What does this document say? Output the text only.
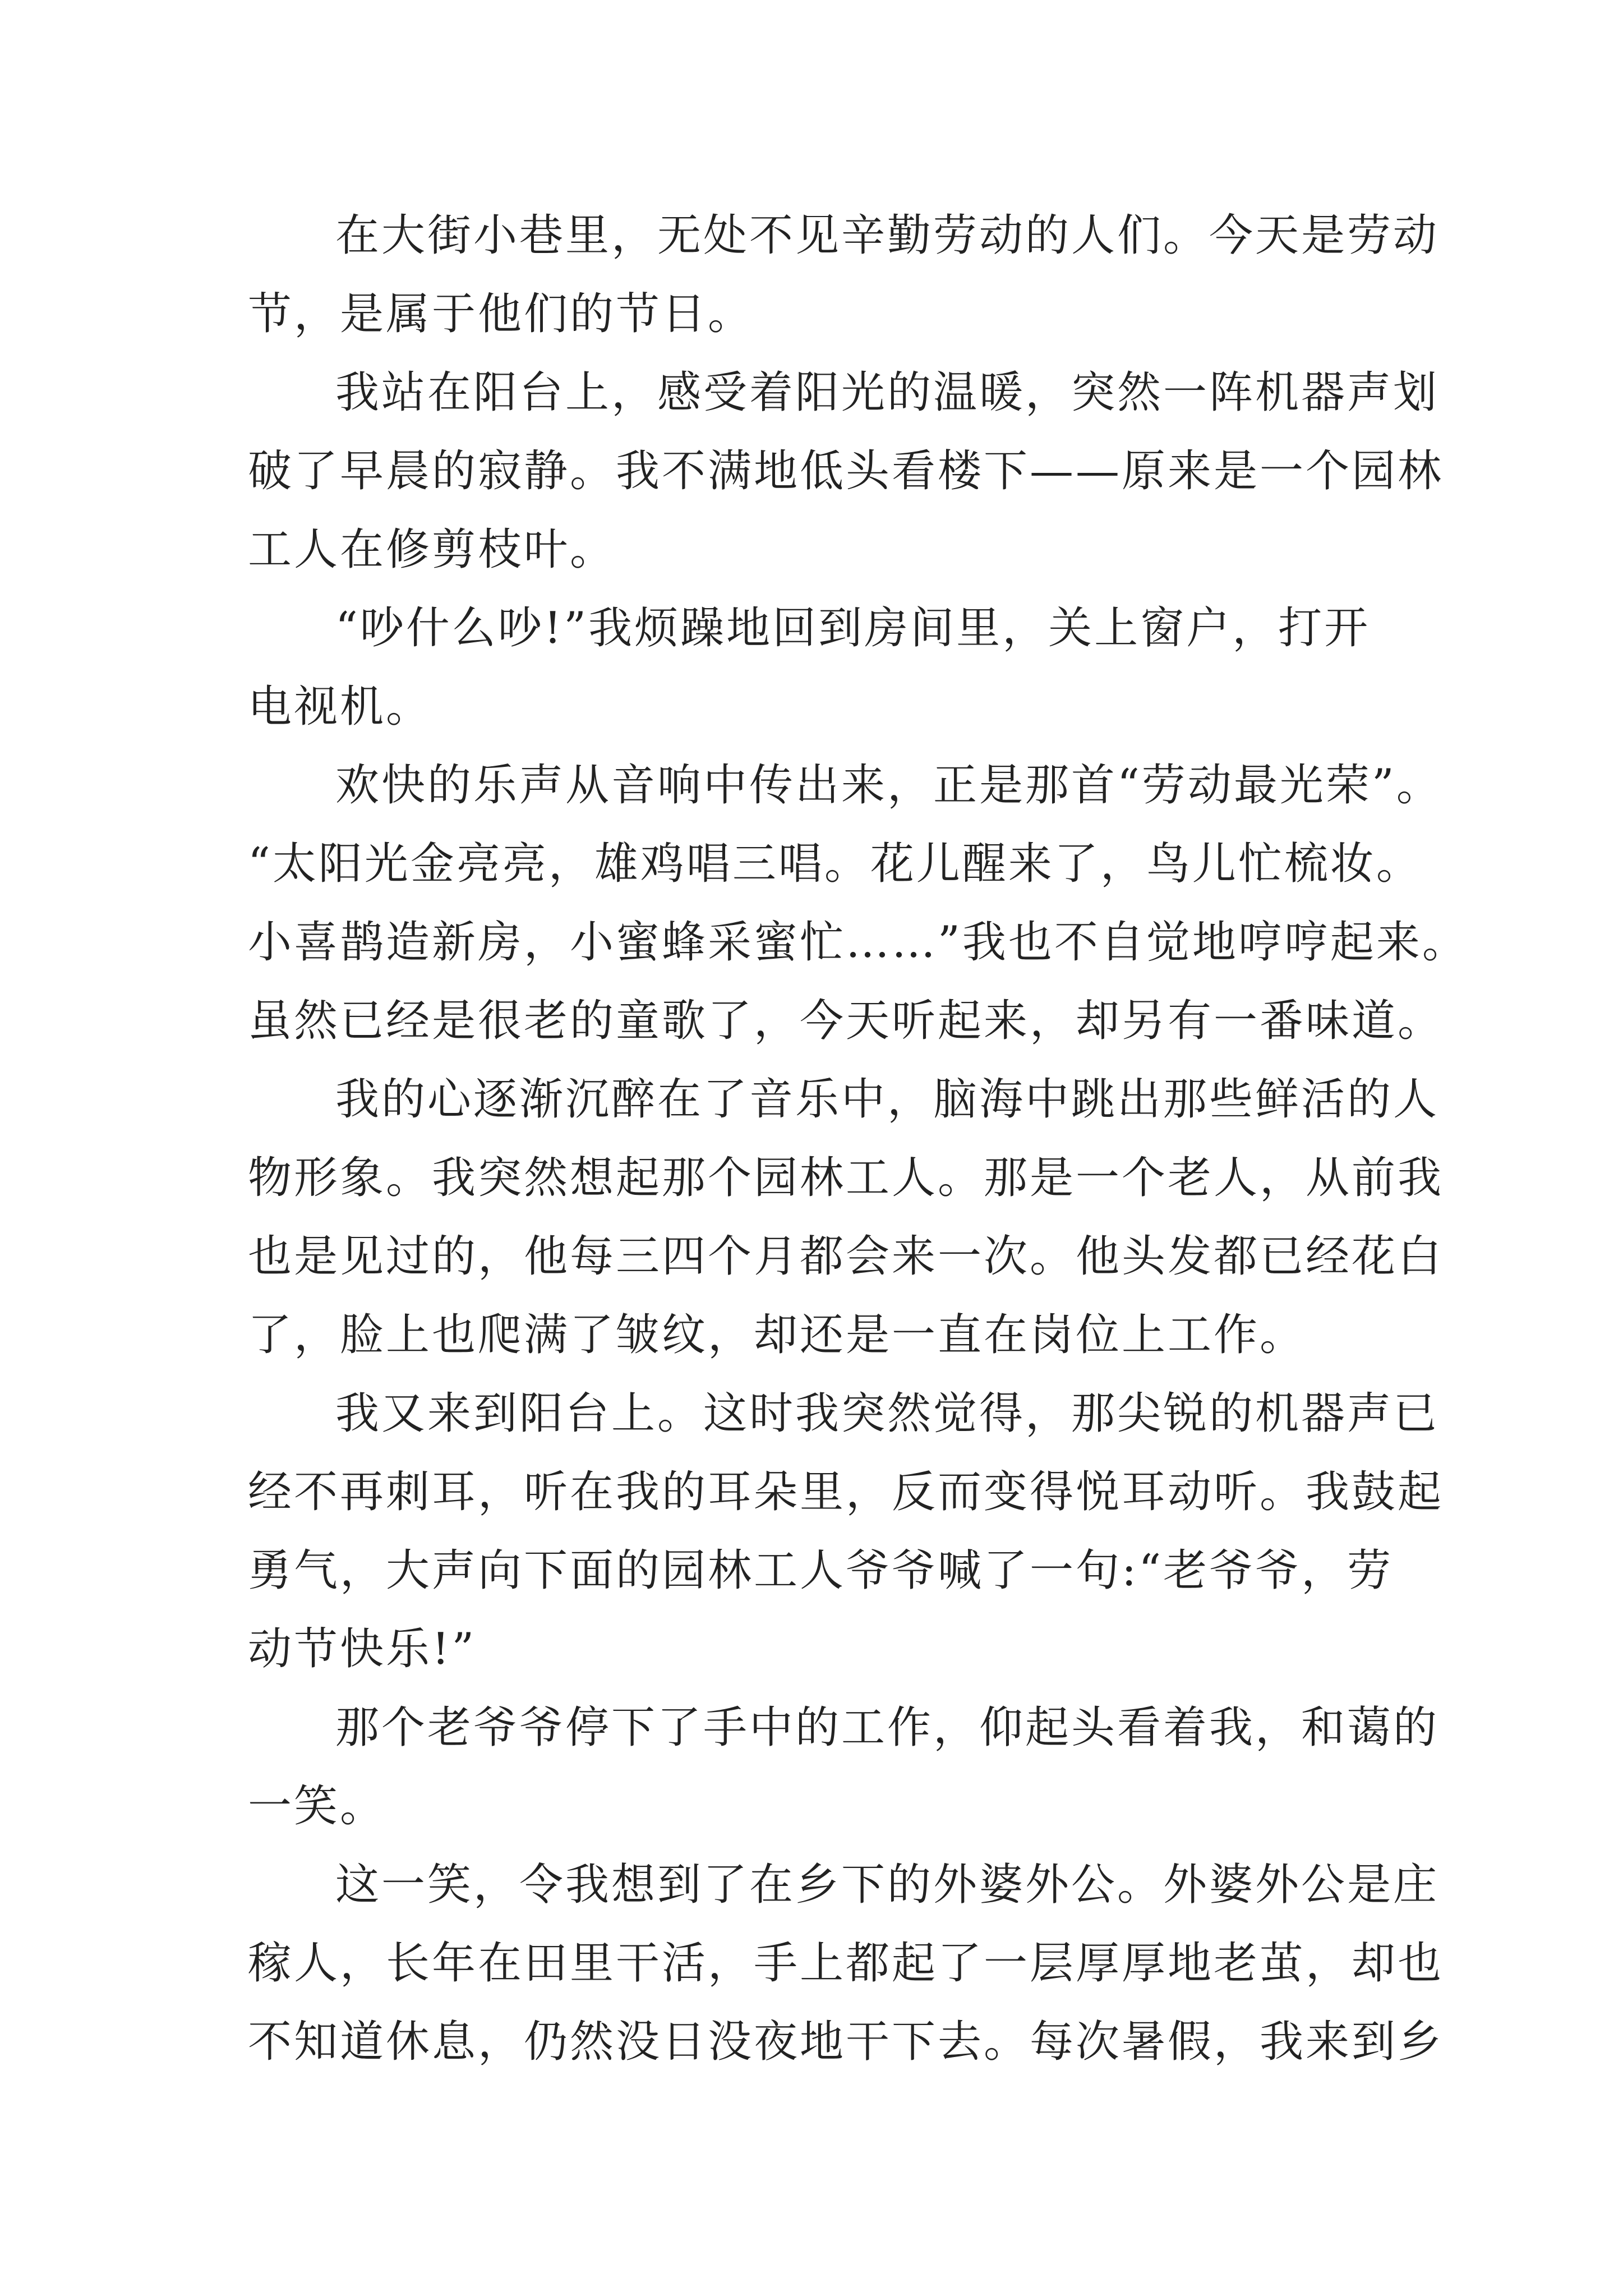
在大街小巷里，无处不见辛勤劳动的人们。今天是劳动
节，是属于他们的节日。
我站在阳台上，感受着阳光的温暖，突然一阵机器声划
破了早晨的寂静。我不满地低头看楼下——原来是一个园林
工人在修剪枝叶。
“吵什么吵!”我烦躁地回到房间里，关上窗户，打开
电视机。
欢快的乐声从音响中传出来，正是那首“劳动最光荣”。
“太阳光金亮亮，雄鸡唱三唱。花儿醒来了，鸟儿忙梳妆。
小喜鹊造新房，小蜜蜂采蜜忙……”我也不自觉地哼哼起来。
虽然已经是很老的童歌了，今天听起来，却另有一番味道。
我的心逐渐沉醉在了音乐中，脑海中跳出那些鲜活的人
物形象。我突然想起那个园林工人。那是一个老人，从前我
也是见过的，他每三四个月都会来一次。他头发都已经花白
了，脸上也爬满了皱纹，却还是一直在岗位上工作。
我又来到阳台上。这时我突然觉得，那尖锐的机器声已
经不再刺耳，听在我的耳朵里，反而变得悦耳动听。我鼓起
勇气，大声向下面的园林工人爷爷喊了一句:“老爷爷，劳
动节快乐!”
那个老爷爷停下了手中的工作，仰起头看着我，和蔼的
一笑。
这一笑，令我想到了在乡下的外婆外公。外婆外公是庄
稼人，长年在田里干活，手上都起了一层厚厚地老茧，却也
不知道休息，仍然没日没夜地干下去。每次暑假，我来到乡
